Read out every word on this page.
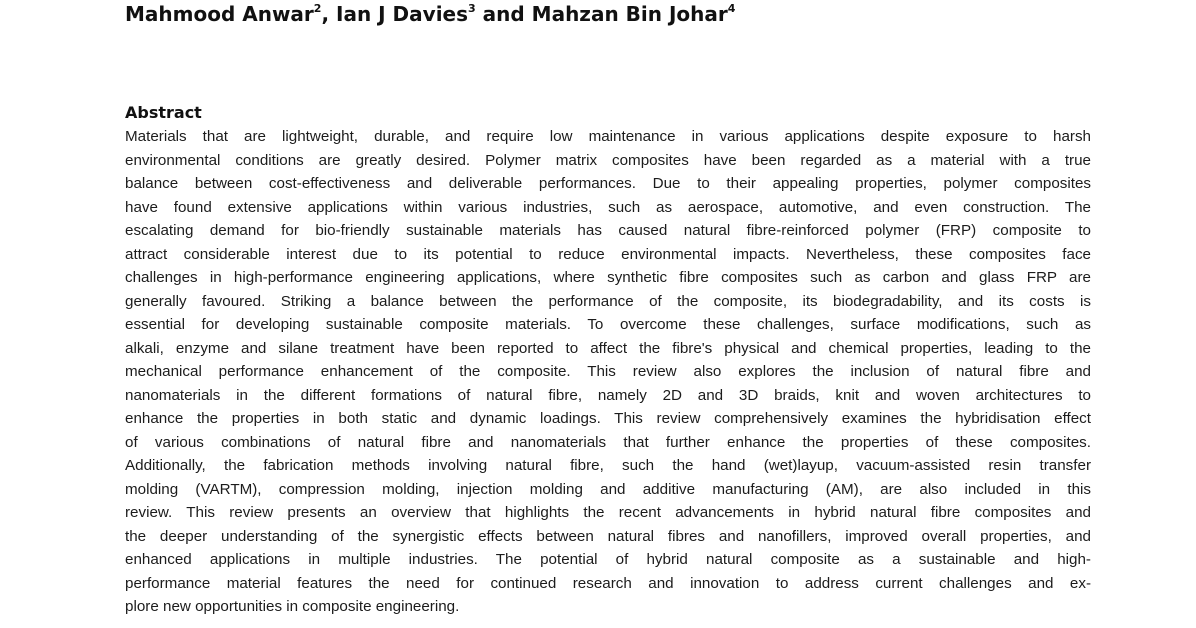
Mahmood Anwar$^2$, Ian J Davies$^3$ and Mahzan Bin Johar$^4$
Abstract
Materials that are lightweight, durable, and require low maintenance in various applications despite exposure to harsh
environmental conditions are greatly desired. Polymer matrix composites have been regarded as a material with a true
balance between cost-effectiveness and deliverable performances. Due to their appealing properties, polymer composites
have found extensive applications within various industries, such as aerospace, automotive, and even construction. The
escalating demand for bio-friendly sustainable materials has caused natural fibre-reinforced polymer (FRP) composite to
attract considerable interest due to its potential to reduce environmental impacts. Nevertheless, these composites face
challenges in high-performance engineering applications, where synthetic fibre composites such as carbon and glass FRP are
generally favoured. Striking a balance between the performance of the composite, its biodegradability, and its costs is
essential for developing sustainable composite materials. To overcome these challenges, surface modifications, such as
alkali, enzyme and silane treatment have been reported to affect the fibre's physical and chemical properties, leading to the
mechanical performance enhancement of the composite. This review also explores the inclusion of natural fibre and
nanomaterials in the different formations of natural fibre, namely 2D and 3D braids, knit and woven architectures to
enhance the properties in both static and dynamic loadings. This review comprehensively examines the hybridisation effect
of various combinations of natural fibre and nanomaterials that further enhance the properties of these composites.
Additionally, the fabrication methods involving natural fibre, such the hand (wet)layup, vacuum-assisted resin transfer
molding (VARTM), compression molding, injection molding and additive manufacturing (AM), are also included in this
review. This review presents an overview that highlights the recent advancements in hybrid natural fibre composites and
the deeper understanding of the synergistic effects between natural fibres and nanofillers, improved overall properties, and
enhanced applications in multiple industries. The potential of hybrid natural composite as a sustainable and high-
performance material features the need for continued research and innovation to address current challenges and ex-
plore new opportunities in composite engineering.
